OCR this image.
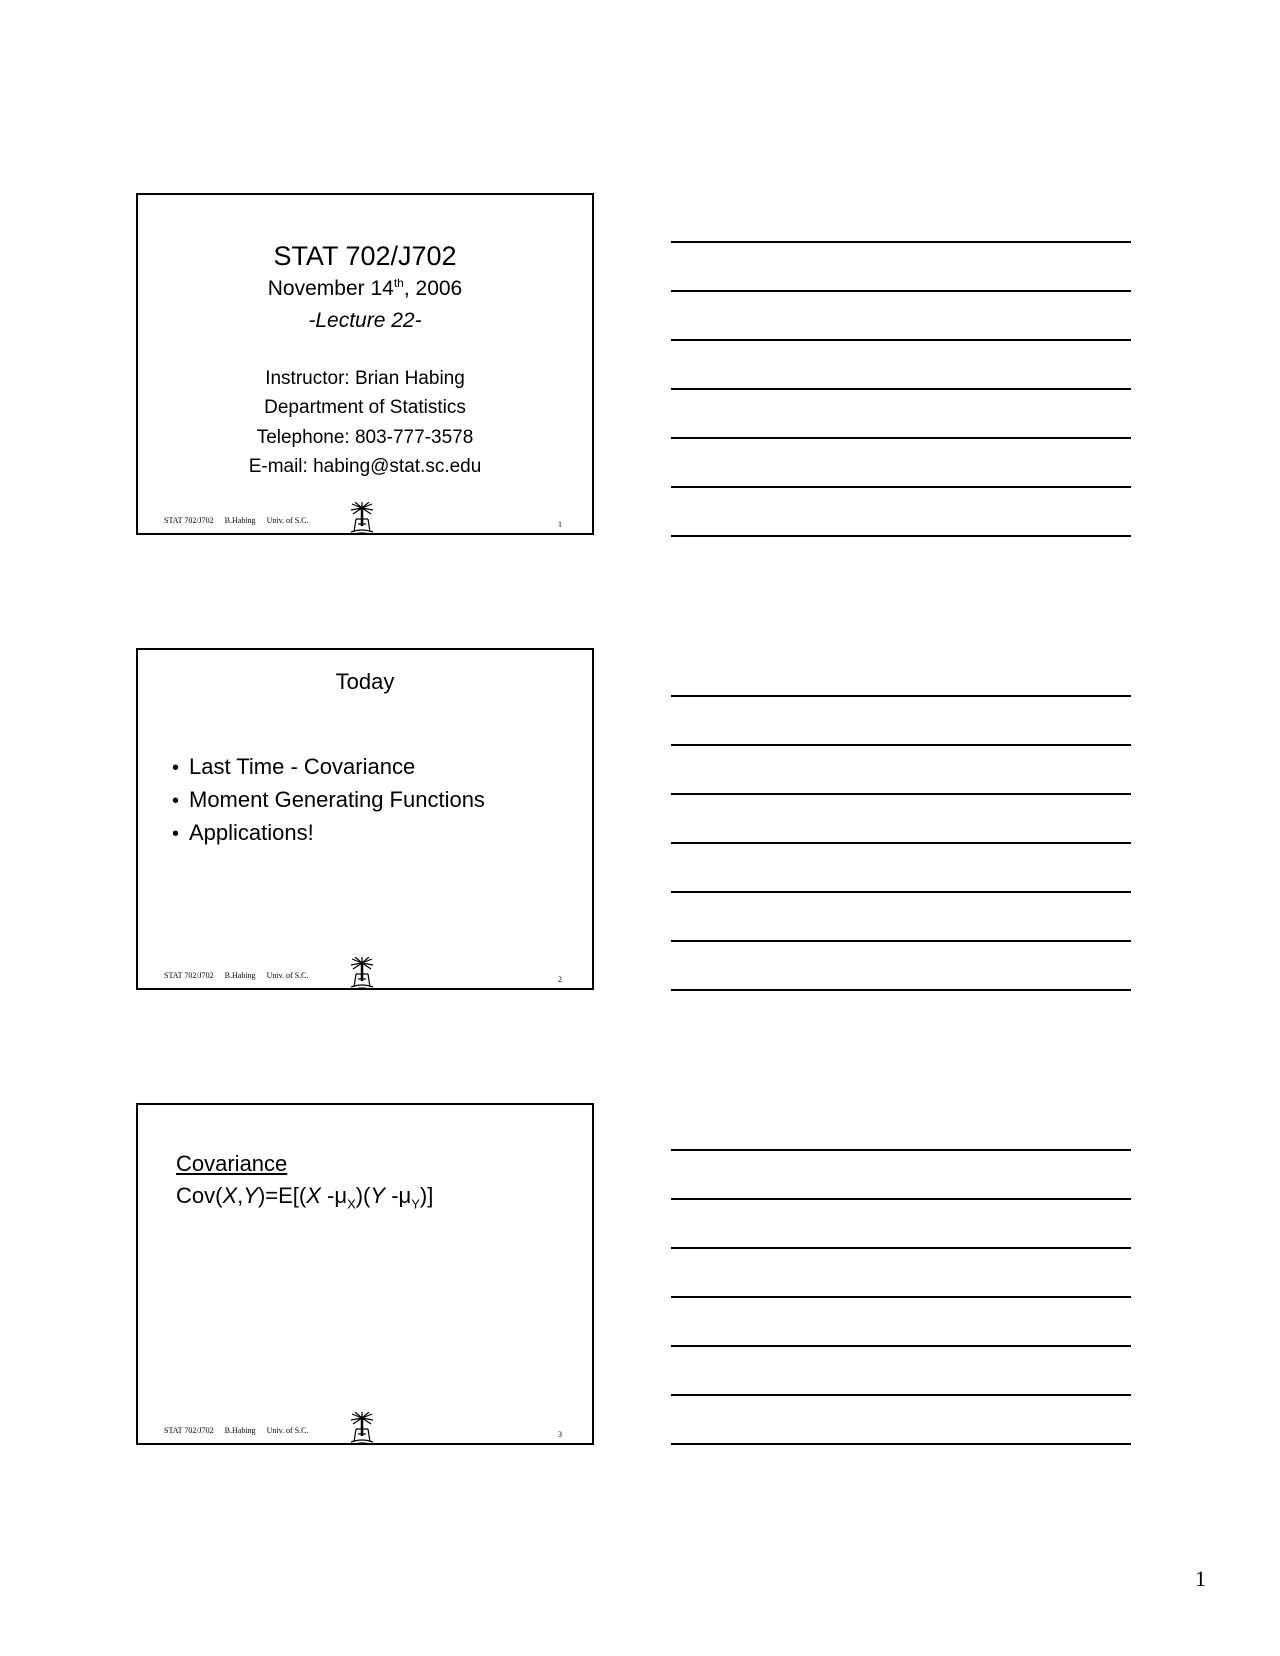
STAT 702/J702
November 14th, 2006
-Lecture 22-
Instructor: Brian Habing
Department of Statistics
Telephone: 803-777-3578
E-mail: habing@stat.sc.edu
STAT 702/J702 B.Habing Univ. of S.C.	1
Today
• Last Time - Covariance
• Moment Generating Functions
• Applications!
STAT 702/J702 B.Habing Univ. of S.C.	2
Covariance
Cov(X,Y)=E[(X $-\mu_X)(Y$ $-\mu_Y$)]
STAT 702/J702 B.Habing Univ. of S.C.	3
1
